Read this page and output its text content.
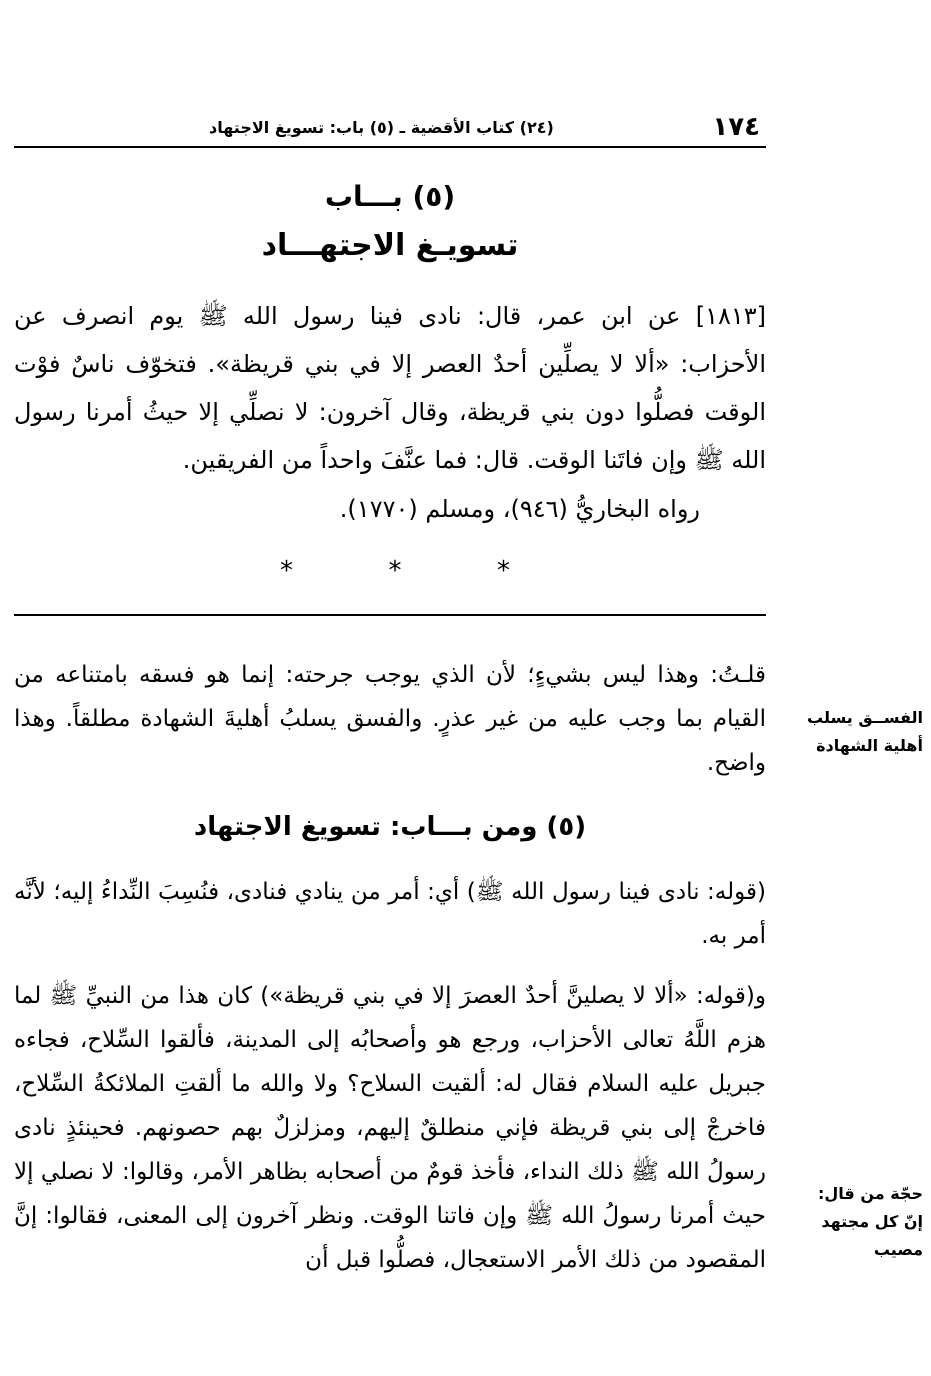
(٢٤) كتاب الأقضية ـ (٥) باب: تسويغ الاجتهاد	١٧٤
(٥) بـــاب
تسويـغ الاجتهـــاد

[١٨١٣] عن ابن عمر، قال: نادى فينا رسول الله ﷺ يوم انصرف عن الأحزاب: «ألا لا يصلِّين أحدٌ العصر إلا في بني قريظة». فتخوّف ناسٌ فوْت الوقت فصلُّوا دون بني قريظة، وقال آخرون: لا نصلِّي إلا حيثُ أمرنا رسول الله ﷺ وإن فاتَنا الوقت. قال: فما عنَّفَ واحداً من الفريقين.

رواه البخاريُّ (٩٤٦)، ومسلم (١٧٧٠).
*	*	*

قلـتُ: وهذا ليس بشيءٍ؛ لأن الذي يوجب جرحته: إنما هو فسقه بامتناعه من القيام بما وجب عليه من غير عذرٍ. والفسق يسلبُ أهليةَ الشهادة مطلقاً. وهذا واضح.

الفســق يسلب
أهلية الشهادة
(٥) ومن بـــاب: تسويغ الاجتهاد

(قوله: نادى فينا رسول الله ﷺ) أي: أمر من ينادي فنادى، فنُسِبَ النِّداءُ إليه؛ لأنَّه أمر به.

و(قوله: «ألا لا يصلينَّ أحدٌ العصرَ إلا في بني قريظة») كان هذا من النبيِّ ﷺ لما هزم اللَّهُ تعالى الأحزاب، ورجع هو وأصحابُه إلى المدينة، فألقوا السِّلاح، فجاءه جبريل عليه السلام فقال له: ألقيت السلاح؟ ولا والله ما ألقتِ الملائكةُ السِّلاح، فاخرجْ إلى بني قريظة فإني منطلقٌ إليهم، ومزلزلٌ بهم حصونهم. فحينئذٍ نادى رسولُ الله ﷺ ذلك النداء، فأخذ قومٌ من أصحابه بظاهر الأمر، وقالوا: لا نصلي إلا حيث أمرنا رسولُ الله ﷺ وإن فاتنا الوقت. ونظر آخرون إلى المعنى، فقالوا: إنَّ المقصود من ذلك الأمر الاستعجال، فصلُّوا قبل أن

حجّة من قال:
إنّ كل مجتهد
مصيب
